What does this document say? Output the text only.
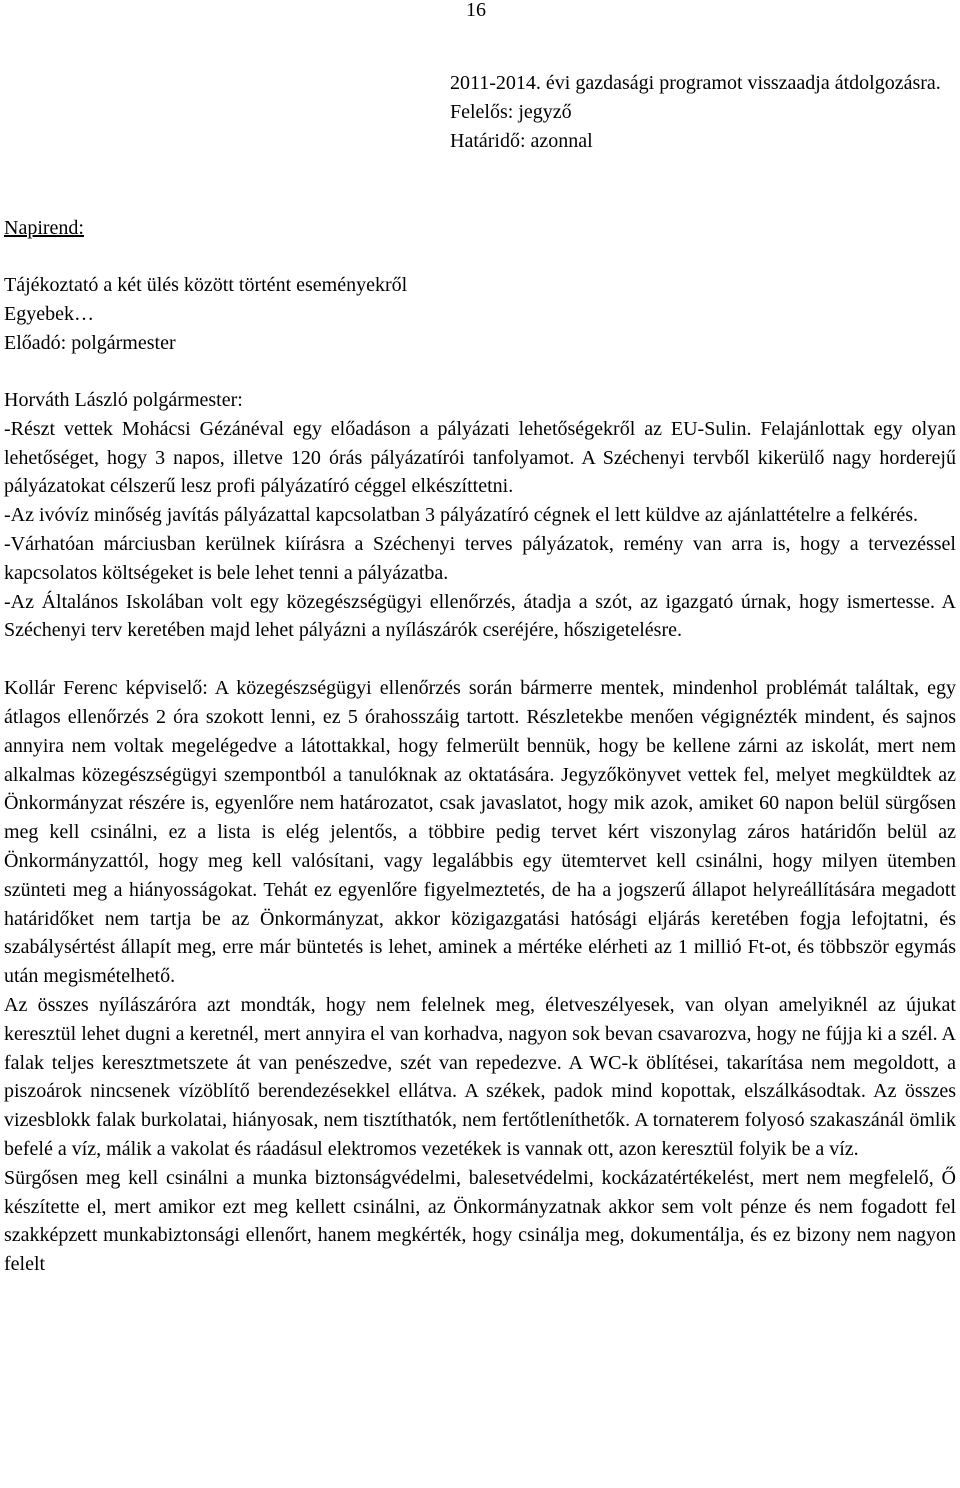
16
2011-2014. évi gazdasági programot visszaadja átdolgozásra.
Felelős: jegyző
Határidő: azonnal
Napirend:
Tájékoztató a két ülés között történt eseményekről
Egyebek…
Előadó: polgármester

Horváth László polgármester:

-Részt vettek Mohácsi Gézánéval egy előadáson a pályázati lehetőségekről az EU-Sulin. Felajánlottak egy olyan lehetőséget, hogy 3 napos, illetve 120 órás pályázatírói tanfolyamot. A Széchenyi tervből kikerülő nagy horderejű pályázatokat célszerű lesz profi pályázatíró céggel elkészíttetni.

-Az ivóvíz minőség javítás pályázattal kapcsolatban 3 pályázatíró cégnek el lett küldve az ajánlattételre a felkérés.

-Várhatóan márciusban kerülnek kiírásra a Széchenyi terves pályázatok, remény van arra is, hogy a tervezéssel kapcsolatos költségeket is bele lehet tenni a pályázatba.

-Az Általános Iskolában volt egy közegészségügyi ellenőrzés, átadja a szót, az igazgató úrnak, hogy ismertesse. A Széchenyi terv keretében majd lehet pályázni a nyílászárók cseréjére, hőszigetelésre.

Kollár Ferenc képviselő: A közegészségügyi ellenőrzés során bármerre mentek, mindenhol problémát találtak, egy átlagos ellenőrzés 2 óra szokott lenni, ez 5 órahosszáig tartott. Részletekbe menően végignézték mindent, és sajnos annyira nem voltak megelégedve a látottakkal, hogy felmerült bennük, hogy be kellene zárni az iskolát, mert nem alkalmas közegészségügyi szempontból a tanulóknak az oktatására. Jegyzőkönyvet vettek fel, melyet megküldtek az Önkormányzat részére is, egyenlőre nem határozatot, csak javaslatot, hogy mik azok, amiket 60 napon belül sürgősen meg kell csinálni, ez a lista is elég jelentős, a többire pedig tervet kért viszonylag záros határidőn belül az Önkormányzattól, hogy meg kell valósítani, vagy legalábbis egy ütemtervet kell csinálni, hogy milyen ütemben szünteti meg a hiányosságokat. Tehát ez egyenlőre figyelmeztetés, de ha a jogszerű állapot helyreállítására megadott határidőket nem tartja be az Önkormányzat, akkor közigazgatási hatósági eljárás keretében fogja lefojtatni, és szabálysértést állapít meg, erre már büntetés is lehet, aminek a mértéke elérheti az 1 millió Ft-ot, és többször egymás után megismételhető.

Az összes nyílászáróra azt mondták, hogy nem felelnek meg, életveszélyesek, van olyan amelyiknél az újukat keresztül lehet dugni a keretnél, mert annyira el van korhadva, nagyon sok bevan csavarozva, hogy ne fújja ki a szél. A falak teljes keresztmetszete át van penészedve, szét van repedezve. A WC-k öblítései, takarítása nem megoldott, a piszoárok nincsenek vízöblítő berendezésekkel ellátva. A székek, padok mind kopottak, elszálkásodtak. Az összes vizesblokk falak burkolatai, hiányosak, nem tisztíthatók, nem fertőtleníthetők. A tornaterem folyosó szakaszánál ömlik befelé a víz, málik a vakolat és ráadásul elektromos vezetékek is vannak ott, azon keresztül folyik be a víz.

Sürgősen meg kell csinálni a munka biztonságvédelmi, balesetvédelmi, kockázatértékelést, mert nem megfelelő, Ő készítette el, mert amikor ezt meg kellett csinálni, az Önkormányzatnak akkor sem volt pénze és nem fogadott fel szakképzett munkabiztonsági ellenőrt, hanem megkérték, hogy csinálja meg, dokumentálja, és ez bizony nem nagyon felelt
